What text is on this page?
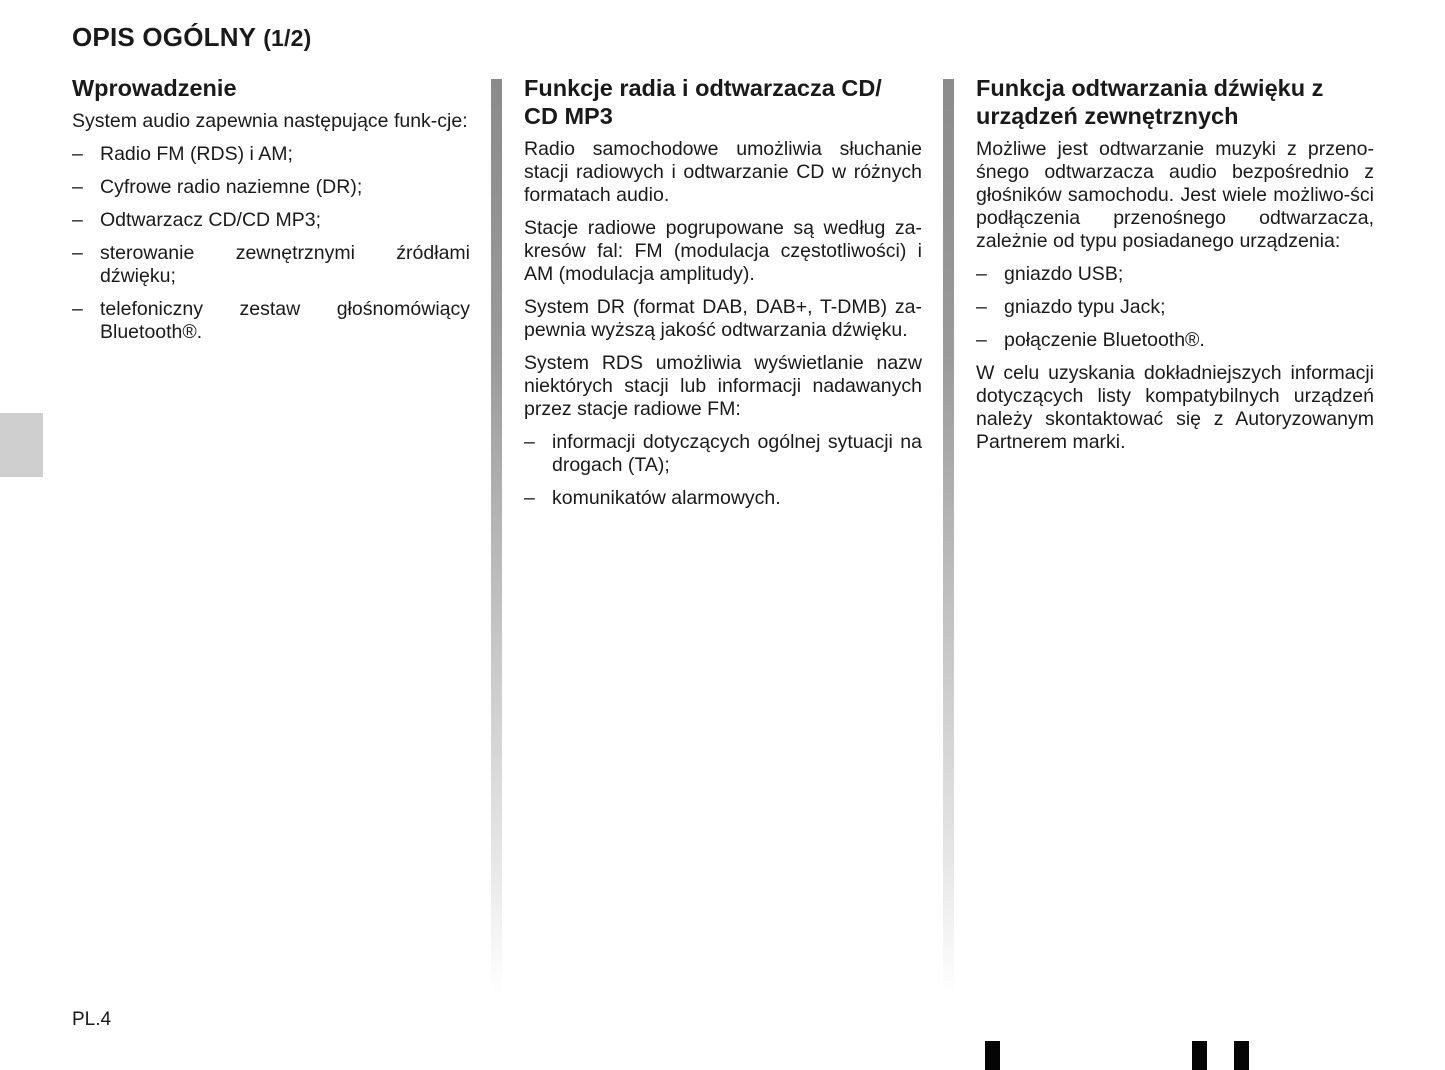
OPIS OGÓLNY (1/2)
Wprowadzenie

System audio zapewnia następujące funk-cje:

– Radio FM (RDS) i AM;
– Cyfrowe radio naziemne (DR);
– Odtwarzacz CD/CD MP3;
– sterowanie zewnętrznymi źródłami dźwięku;
– telefoniczny zestaw głośnomówiący Bluetooth®.
Funkcje radia i odtwarzacza CD/ CD MP3

Radio samochodowe umożliwia słuchanie stacji radiowych i odtwarzanie CD w różnych formatach audio.

Stacje radiowe pogrupowane są według za-kresów fal: FM (modulacja częstotliwości) i AM (modulacja amplitudy).

System DR (format DAB, DAB+, T-DMB) za-pewnia wyższą jakość odtwarzania dźwięku.

System RDS umożliwia wyświetlanie nazw niektórych stacji lub informacji nadawanych przez stacje radiowe FM:

– informacji dotyczących ogólnej sytuacji na drogach (TA);
– komunikatów alarmowych.
Funkcja odtwarzania dźwięku z urządzeń zewnętrznych

Możliwe jest odtwarzanie muzyki z przeno-śnego odtwarzacza audio bezpośrednio z głośników samochodu. Jest wiele możliwo-ści podłączenia przenośnego odtwarzacza, zależnie od typu posiadanego urządzenia:

– gniazdo USB;
– gniazdo typu Jack;
– połączenie Bluetooth®.

W celu uzyskania dokładniejszych informacji dotyczących listy kompatybilnych urządzeń należy skontaktować się z Autoryzowanym Partnerem marki.

PL.4
